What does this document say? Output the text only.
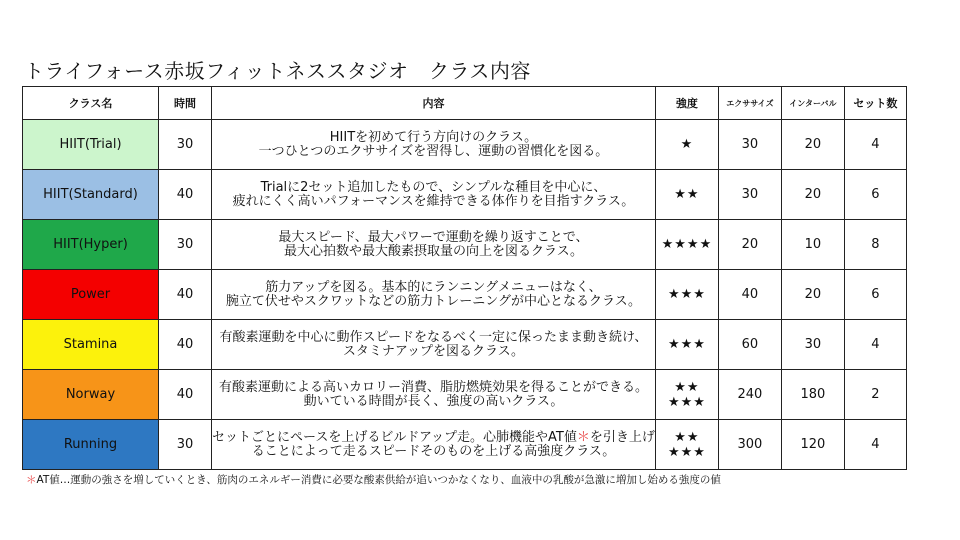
トライフォース赤坂フィットネススタジオ　クラス内容
クラス名	時間	内容	強度	エクササイズ	インターバル	セット数
HIIT(Trial)	30	HIITを初めて行う方向けのクラス。
一つひとつのエクササイズを習得し、運動の習慣化を図る。	★	30	20	4
HIIT(Standard)	40	Trialに2セット追加したもので、シンプルな種目を中心に、
疲れにくく高いパフォーマンスを維持できる体作りを目指すクラス。	★★	30	20	6
HIIT(Hyper)	30	最大スピード、最大パワーで運動を繰り返すことで、
最大心拍数や最大酸素摂取量の向上を図るクラス。	★★★★	20	10	8
Power	40	筋力アップを図る。基本的にランニングメニューはなく、
腕立て伏せやスクワットなどの筋力トレーニングが中心となるクラス。	★★★	40	20	6
Stamina	40	有酸素運動を中心に動作スピードをなるべく一定に保ったまま動き続け、
スタミナアップを図るクラス。	★★★	60	30	4
Norway	40	有酸素運動による高いカロリー消費、脂肪燃焼効果を得ることができる。
動いている時間が長く、強度の高いクラス。	★★
★★★	240	180	2
Running	30	セットごとにペースを上げるビルドアップ走。心肺機能やAT値＊を引き上げ
ることによって走るスピードそのものを上げる高強度クラス。	★★
★★★	300	120	4
＊AT値…運動の強さを増していくとき、筋肉のエネルギー消費に必要な酸素供給が追いつかなくなり、血液中の乳酸が急激に増加し始める強度の値
